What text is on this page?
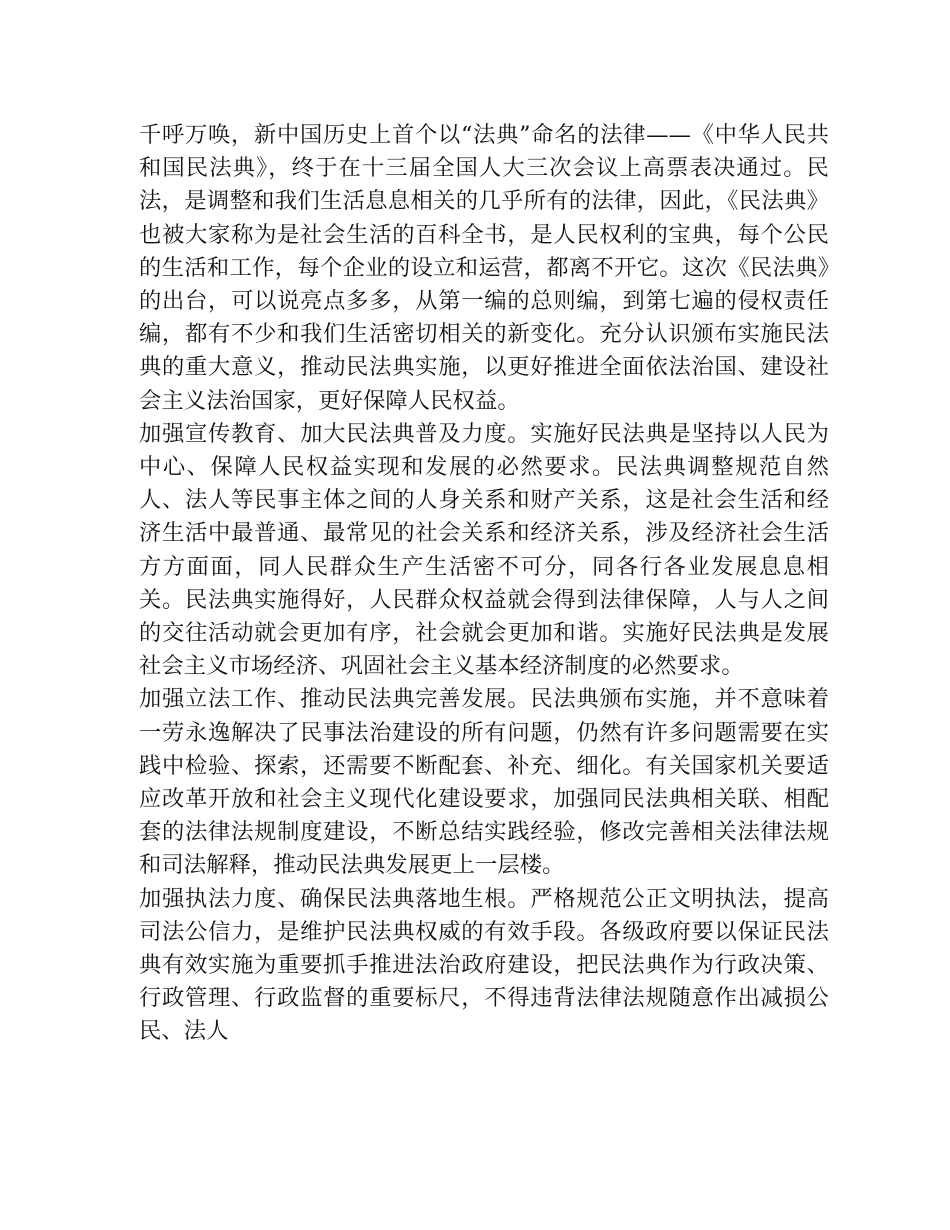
千呼万唤，新中国历史上首个以“法典”命名的法律——《中华人民共和国民法典》，终于在十三届全国人大三次会议上高票表决通过。民法，是调整和我们生活息息相关的几乎所有的法律，因此，《民法典》也被大家称为是社会生活的百科全书，是人民权利的宝典，每个公民的生活和工作，每个企业的设立和运营，都离不开它。这次《民法典》的出台，可以说亮点多多，从第一编的总则编，到第七遍的侵权责任编，都有不少和我们生活密切相关的新变化。充分认识颁布实施民法典的重大意义，推动民法典实施，以更好推进全面依法治国、建设社会主义法治国家，更好保障人民权益。

加强宣传教育、加大民法典普及力度。实施好民法典是坚持以人民为中心、保障人民权益实现和发展的必然要求。民法典调整规范自然人、法人等民事主体之间的人身关系和财产关系，这是社会生活和经济生活中最普通、最常见的社会关系和经济关系，涉及经济社会生活方方面面，同人民群众生产生活密不可分，同各行各业发展息息相关。民法典实施得好，人民群众权益就会得到法律保障，人与人之间的交往活动就会更加有序，社会就会更加和谐。实施好民法典是发展社会主义市场经济、巩固社会主义基本经济制度的必然要求。

加强立法工作、推动民法典完善发展。民法典颁布实施，并不意味着一劳永逸解决了民事法治建设的所有问题，仍然有许多问题需要在实践中检验、探索，还需要不断配套、补充、细化。有关国家机关要适应改革开放和社会主义现代化建设要求，加强同民法典相关联、相配套的法律法规制度建设，不断总结实践经验，修改完善相关法律法规和司法解释，推动民法典发展更上一层楼。

加强执法力度、确保民法典落地生根。严格规范公正文明执法，提高司法公信力，是维护民法典权威的有效手段。各级政府要以保证民法典有效实施为重要抓手推进法治政府建设，把民法典作为行政决策、行政管理、行政监督的重要标尺，不得违背法律法规随意作出减损公民、法人
